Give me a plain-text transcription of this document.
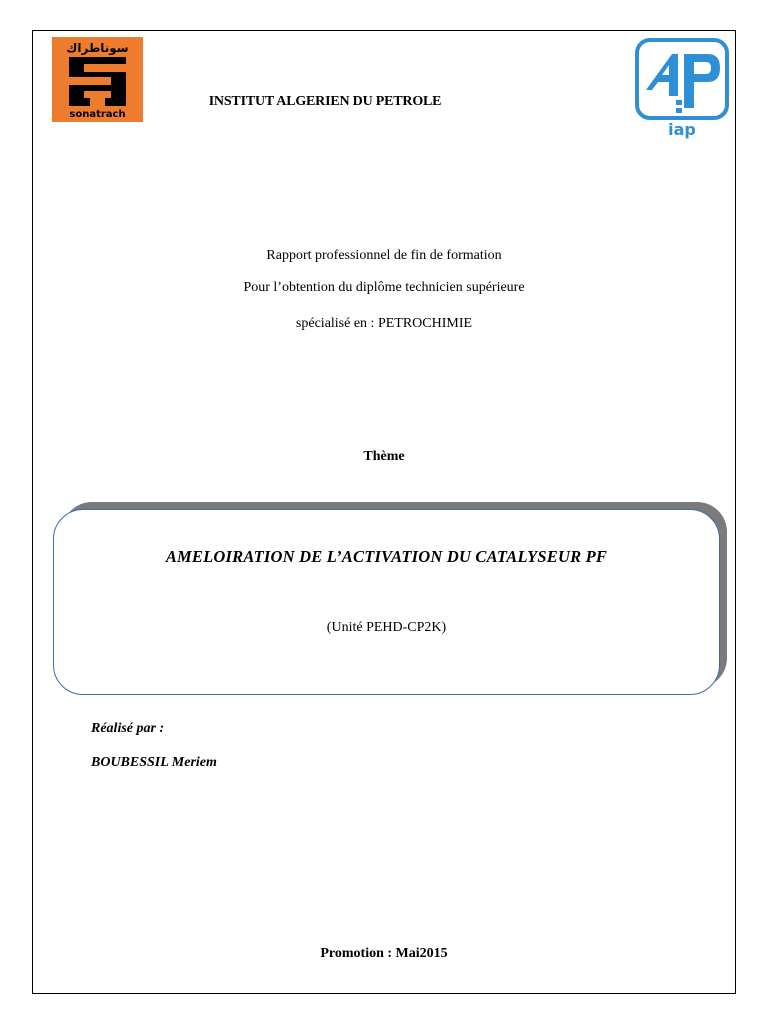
سوناطراك
sonatrach
iap
INSTITUT ALGERIEN DU PETROLE
Rapport professionnel de fin de formation
Pour l’obtention du diplôme technicien supérieure
spécialisé en : PETROCHIMIE
Thème
AMELOIRATION DE L’ACTIVATION DU CATALYSEUR PF
(Unité PEHD-CP2K)
Réalisé par :
BOUBESSIL Meriem
Promotion : Mai2015
